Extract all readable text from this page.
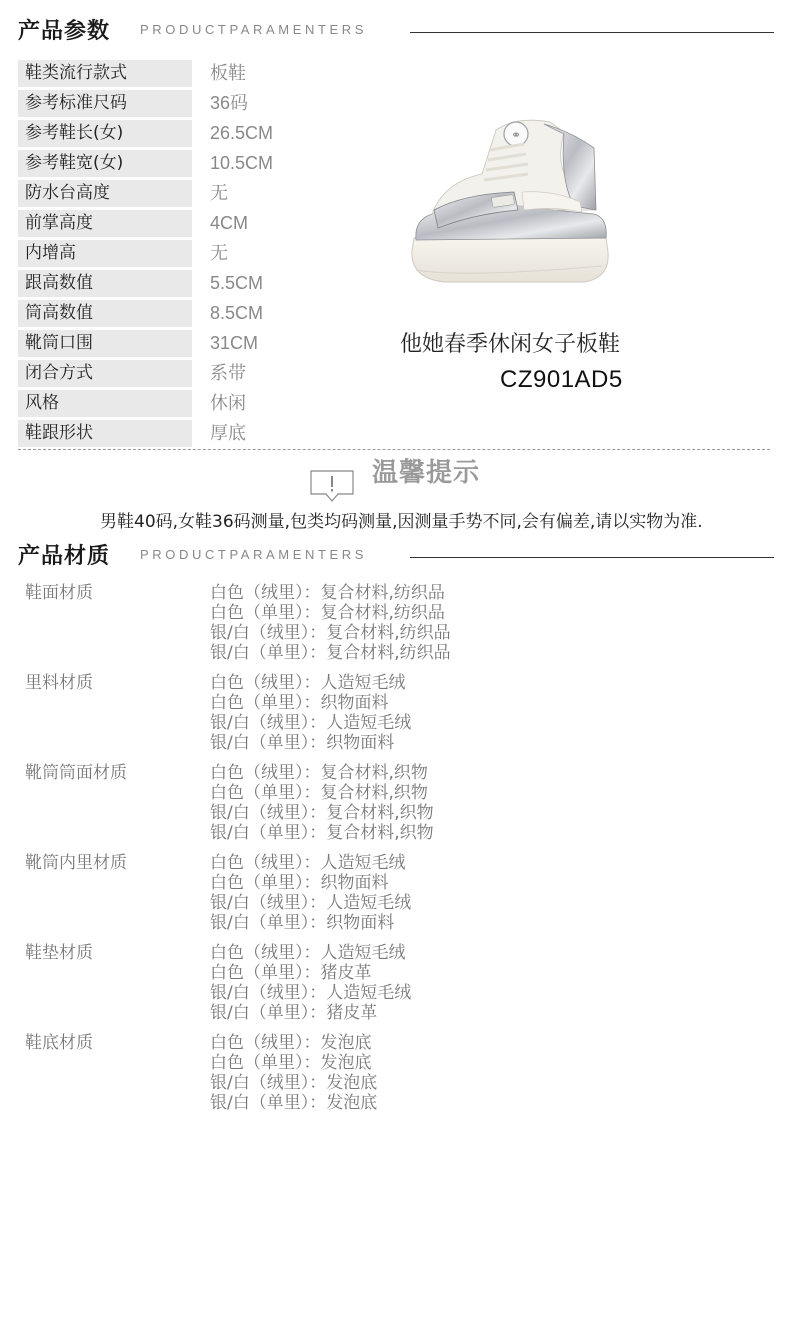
产品参数 PRODUCTPARAMENTERS
鞋类流行款式	板鞋
参考标准尺码	36码
参考鞋长(女)	26.5CM
参考鞋宽(女)	10.5CM
防水台高度	无
前掌高度	4CM
内增高	无
跟高数值	5.5CM
筒高数值	8.5CM
靴筒口围	31CM
闭合方式	系带
风格	休闲
鞋跟形状	厚底
⚭
他她春季休闲女子板鞋
CZ901AD5
温馨提示
男鞋40码,女鞋36码测量,包类均码测量,因测量手势不同,会有偏差,请以实物为准.
产品材质 PRODUCTPARAMENTERS
鞋面材质	白色（绒里）：复合材料,纺织品
白色（单里）：复合材料,纺织品
银/白（绒里）：复合材料,纺织品
银/白（单里）：复合材料,纺织品
里料材质	白色（绒里）：人造短毛绒
白色（单里）：织物面料
银/白（绒里）：人造短毛绒
银/白（单里）：织物面料
靴筒筒面材质	白色（绒里）：复合材料,织物
白色（单里）：复合材料,织物
银/白（绒里）：复合材料,织物
银/白（单里）：复合材料,织物
靴筒内里材质	白色（绒里）：人造短毛绒
白色（单里）：织物面料
银/白（绒里）：人造短毛绒
银/白（单里）：织物面料
鞋垫材质	白色（绒里）：人造短毛绒
白色（单里）：猪皮革
银/白（绒里）：人造短毛绒
银/白（单里）：猪皮革
鞋底材质	白色（绒里）：发泡底
白色（单里）：发泡底
银/白（绒里）：发泡底
银/白（单里）：发泡底
